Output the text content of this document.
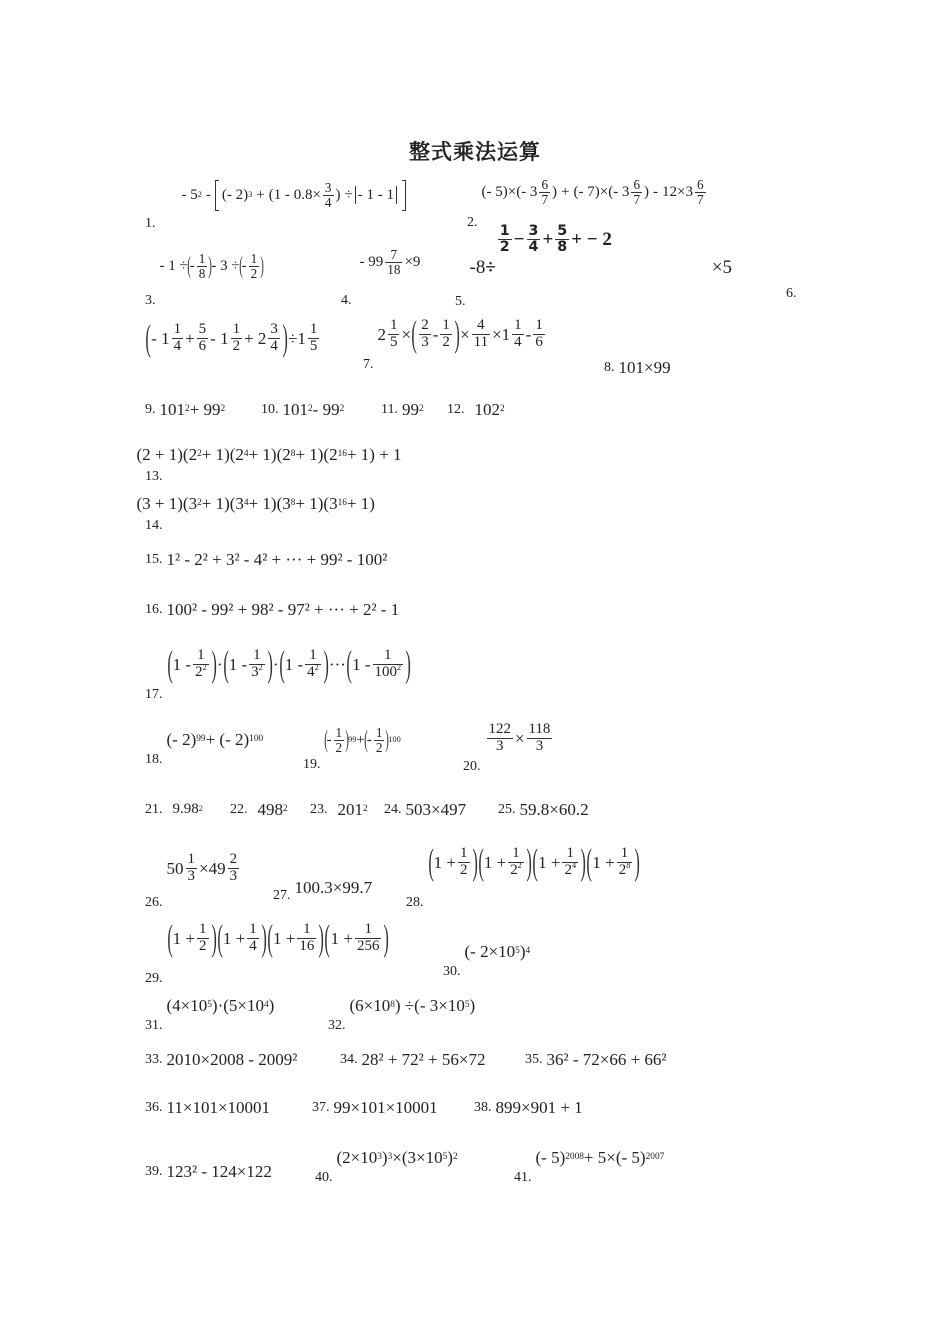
整式乘法运算
1. - 5 2 - (- 2) 3 + (1 - 0.8× 3
4 ) ÷ - 1 - 1
2. (- 5)×(- 3 6
7 ) + (- 7)×(- 3 6
7 ) - 12×3 6
7
3. - 1 ÷ ( - 1
8 ) - 3 ÷ ( - 1
2 )
4. - 99 7
18 ×9
5. -8 ÷
1
2 − 3
4 + 5
8 + − 2
×5
6.
( - 1 1
4 + 5
6 - 1 1
2 + 2 3
4 ) ÷1 1
5
7. 2 1
5 × ( 2
3 - 1
2 ) × 4
11 ×1 1
4 - 1
6
8. 101×99
9. 101 2 + 99 2	10. 101 2 - 99 2	11. 99 2 12. 102 2
13. (2 + 1)(2 2 + 1)(2 4 + 1)(2 8 + 1)(2 16 + 1) + 1
14. (3 + 1)(3 2 + 1)(3 4 + 1)(3 8 + 1)(3 16 + 1)
15. 1² - 2² + 3² - 4² + ··· + 99² - 100²
16. 100² - 99² + 98² - 97² + ··· + 2² - 1
17.
( 1 - 1
$2^2$ ) · ( 1 - 1
$3^2$ ) · ( 1 - 1
$4^2$ ) ··· ( 1 - 1
$100^2$ )
18. (- 2) 99 + (- 2) 100
19.
( - 1
2 ) 99 + ( - 1
2 ) 100
20.
122
3 × 118
3
21. 9.98 2 22. 498 2 23. 201 2 24. 503×497 25. 59.8×60.2
26. 50 1
3 ×49 2
3
27. 100.3×99.7
28.
( 1 + 1
2 ) ( 1 + 1
$2^2$ ) ( 1 + 1
$2^4$ ) ( 1 + 1
$2^8$ )
29.
( 1 + 1
2 ) ( 1 + 1
4 ) ( 1 + 1
16 ) ( 1 + 1
256 )
30. (- 2×10 5 ) 4
31. (4×10 5 )·(5×10 4 )
32. (6×10 8 ) ÷(- 3×10 5 )
33. 2010×2008 - 2009²	34. 28² + 72² + 56×72	35. 36² - 72×66 + 66²
36. 11×101×10001	37. 99×101×10001	38. 899×901 + 1
39. 123² - 124×122	40. (2×10 3 ) 3 ×(3×10 5 ) 2
41. (- 5) 2008 + 5×(- 5) 2007
